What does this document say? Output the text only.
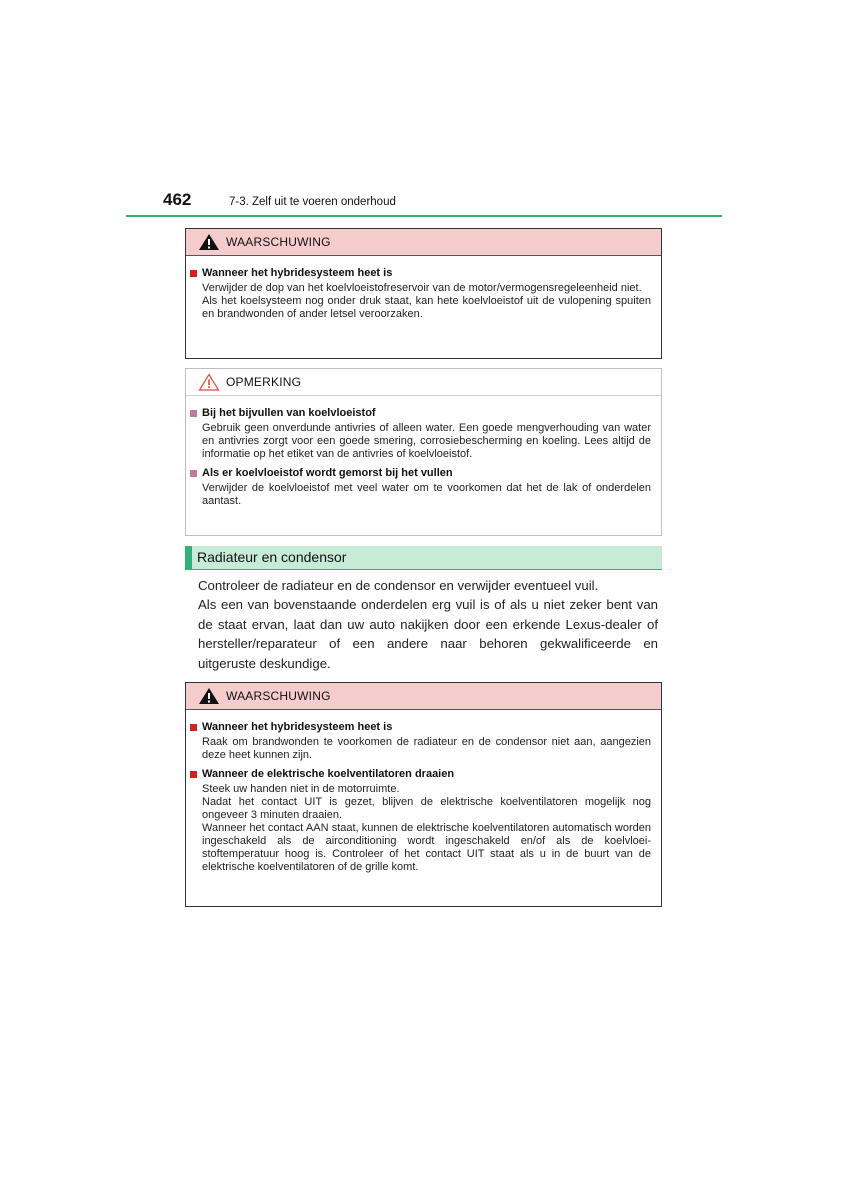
462	7-3. Zelf uit te voeren onderhoud
WAARSCHUWING
Wanneer het hybridesysteem heet is

Verwijder de dop van het koelvloeistofreservoir van de motor/vermogensregeleenheid niet.

Als het koelsysteem nog onder druk staat, kan hete koelvloeistof uit de vulopening spuiten en brandwonden of ander letsel veroorzaken.

OPMERKING
Bij het bijvullen van koelvloeistof

Gebruik geen onverdunde antivries of alleen water. Een goede mengverhouding van water en antivries zorgt voor een goede smering, corrosiebescherming en koeling. Lees altijd de informatie op het etiket van de antivries of koelvloeistof.

Als er koelvloeistof wordt gemorst bij het vullen

Verwijder de koelvloeistof met veel water om te voorkomen dat het de lak of onderdelen aantast.

Radiateur en condensor

Controleer de radiateur en de condensor en verwijder eventueel vuil.

Als een van bovenstaande onderdelen erg vuil is of als u niet zeker bent van de staat ervan, laat dan uw auto nakijken door een erkende Lexus-dealer of hersteller/reparateur of een andere naar behoren gekwalificeerde en uitgeruste deskundige.

WAARSCHUWING
Wanneer het hybridesysteem heet is

Raak om brandwonden te voorkomen de radiateur en de condensor niet aan, aangezien deze heet kunnen zijn.

Wanneer de elektrische koelventilatoren draaien

Steek uw handen niet in de motorruimte.

Nadat het contact UIT is gezet, blijven de elektrische koelventilatoren mogelijk nog ongeveer 3 minuten draaien.

Wanneer het contact AAN staat, kunnen de elektrische koelventilatoren automatisch worden ingeschakeld als de airconditioning wordt ingeschakeld en/of als de koelvloeistoftemperatuur hoog is. Controleer of het contact UIT staat als u in de buurt van de elektrische koelventilatoren of de grille komt.
